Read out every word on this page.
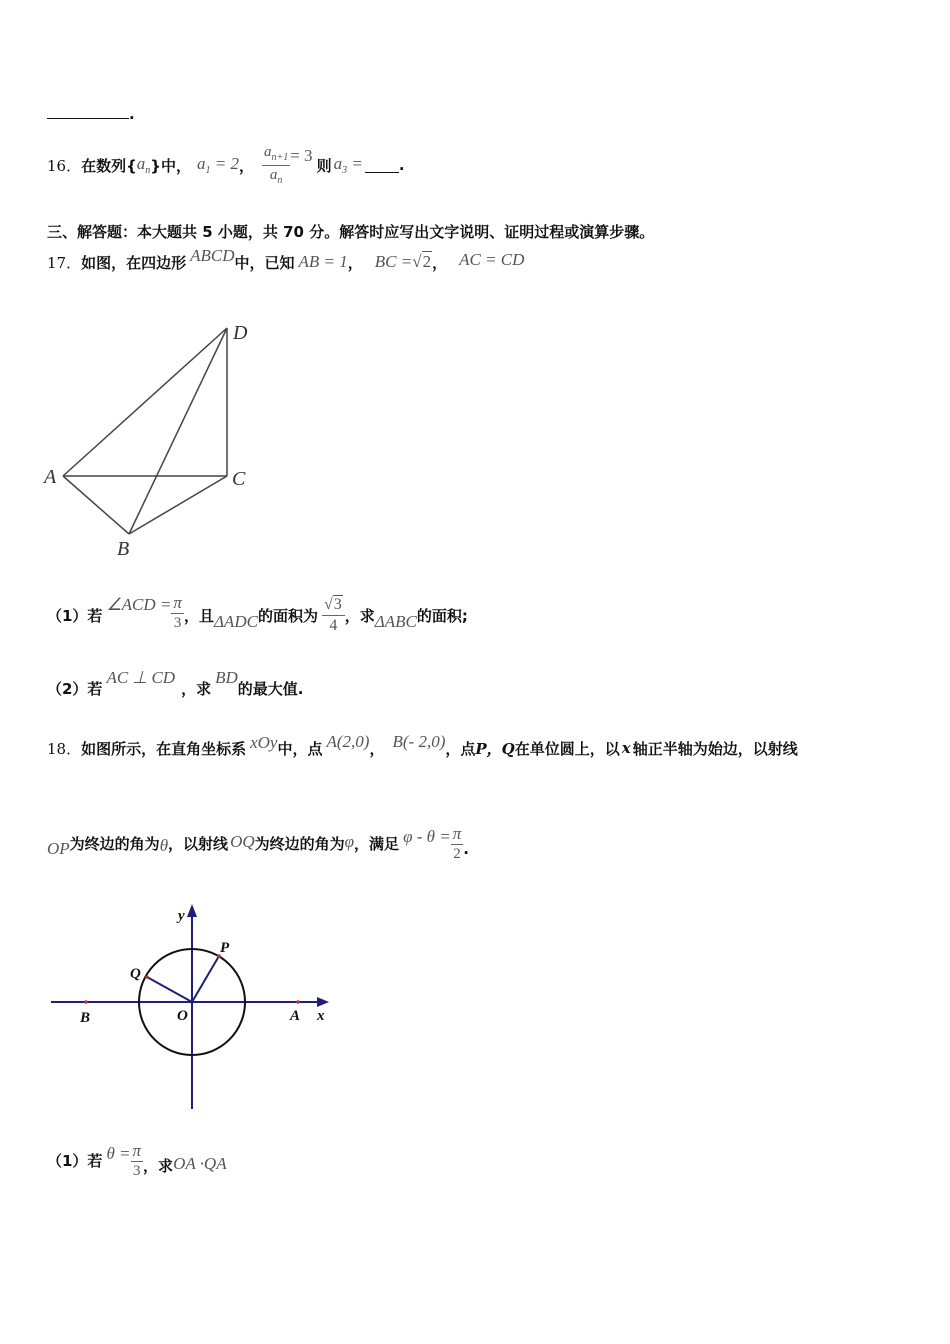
.
16． 在数列{ $a_n$ }中， $a_1 = 2$ ， $\frac{a_{n+1}}{a_n} = 3$
则 $a_3$ = .
三、解答题：本大题共 5 小题，共 70 分。解答时应写出文字说明、证明过程或演算步骤。
17． 如图，在四边形 ABCD 中，已知 AB = 1 ， BC = √2 ， AC = CD
A	C
D
B
（1）若
∠ACD = $\frac{\pi}{3}$ ，且 ΔADC 的面积为 $\frac{√3}{4}$ ，求 ΔABC 的面积;
（2）若
AC ⊥ CD
，求
BD
的最大值.
18． 如图所示，在直角坐标系 xOy 中，点 A(2,0) ， B(- 2,0) ，点 P，Q 在单位圆上，以 x 轴正半轴为始边，以射线
OP 为终边的角为 θ ，以射线 OQ 为终边的角为 φ ，满足 $\varphi - \theta = \frac{\pi}{2}$ .
y
x
P
Q
O	A
B
（1）若 $\theta = \frac{\pi}{3}$ ，求 OA ·QA
